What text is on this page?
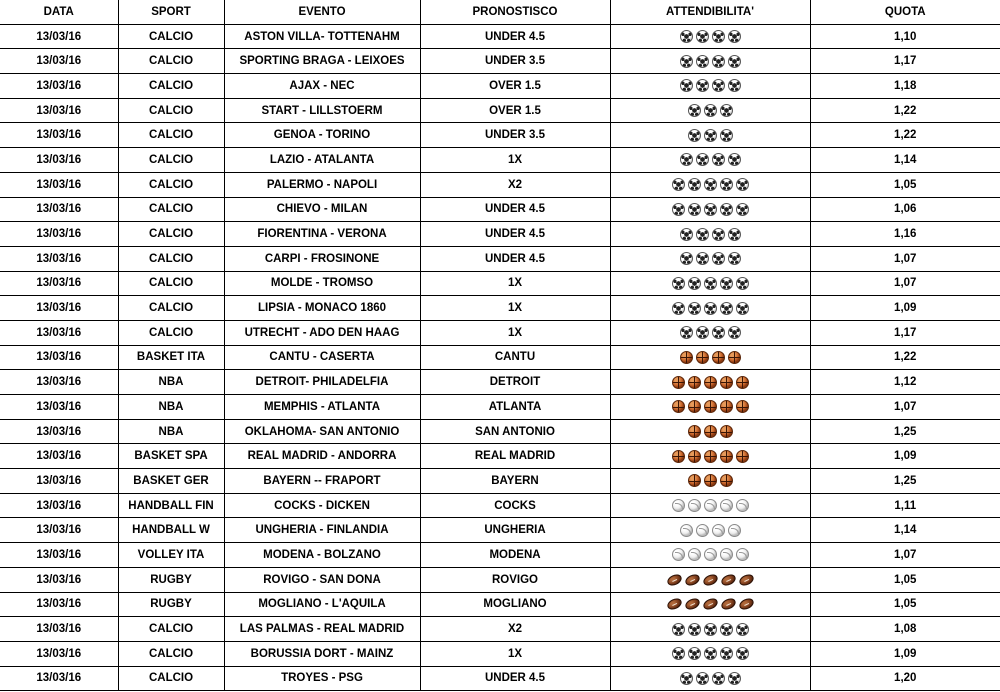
DATA	SPORT	EVENTO	PRONOSTISCO	ATTENDIBILITA'	QUOTA
13/03/16	CALCIO	ASTON VILLA- TOTTENAHM	UNDER 4.5		1,10
13/03/16	CALCIO	SPORTING BRAGA - LEIXOES	UNDER 3.5		1,17
13/03/16	CALCIO	AJAX - NEC	OVER 1.5		1,18
13/03/16	CALCIO	START - LILLSTOERM	OVER 1.5		1,22
13/03/16	CALCIO	GENOA - TORINO	UNDER 3.5		1,22
13/03/16	CALCIO	LAZIO - ATALANTA	1X		1,14
13/03/16	CALCIO	PALERMO - NAPOLI	X2		1,05
13/03/16	CALCIO	CHIEVO - MILAN	UNDER 4.5		1,06
13/03/16	CALCIO	FIORENTINA - VERONA	UNDER 4.5		1,16
13/03/16	CALCIO	CARPI - FROSINONE	UNDER 4.5		1,07
13/03/16	CALCIO	MOLDE - TROMSO	1X		1,07
13/03/16	CALCIO	LIPSIA - MONACO 1860	1X		1,09
13/03/16	CALCIO	UTRECHT - ADO DEN HAAG	1X		1,17
13/03/16	BASKET ITA	CANTU - CASERTA	CANTU		1,22
13/03/16	NBA	DETROIT- PHILADELFIA	DETROIT		1,12
13/03/16	NBA	MEMPHIS - ATLANTA	ATLANTA		1,07
13/03/16	NBA	OKLAHOMA- SAN ANTONIO	SAN ANTONIO		1,25
13/03/16	BASKET SPA	REAL MADRID - ANDORRA	REAL MADRID		1,09
13/03/16	BASKET GER	BAYERN -- FRAPORT	BAYERN		1,25
13/03/16	HANDBALL FIN	COCKS - DICKEN	COCKS		1,11
13/03/16	HANDBALL W	UNGHERIA - FINLANDIA	UNGHERIA		1,14
13/03/16	VOLLEY ITA	MODENA - BOLZANO	MODENA		1,07
13/03/16	RUGBY	ROVIGO - SAN DONA	ROVIGO		1,05
13/03/16	RUGBY	MOGLIANO - L'AQUILA	MOGLIANO		1,05
13/03/16	CALCIO	LAS PALMAS - REAL MADRID	X2		1,08
13/03/16	CALCIO	BORUSSIA DORT - MAINZ	1X		1,09
13/03/16	CALCIO	TROYES - PSG	UNDER 4.5		1,20
